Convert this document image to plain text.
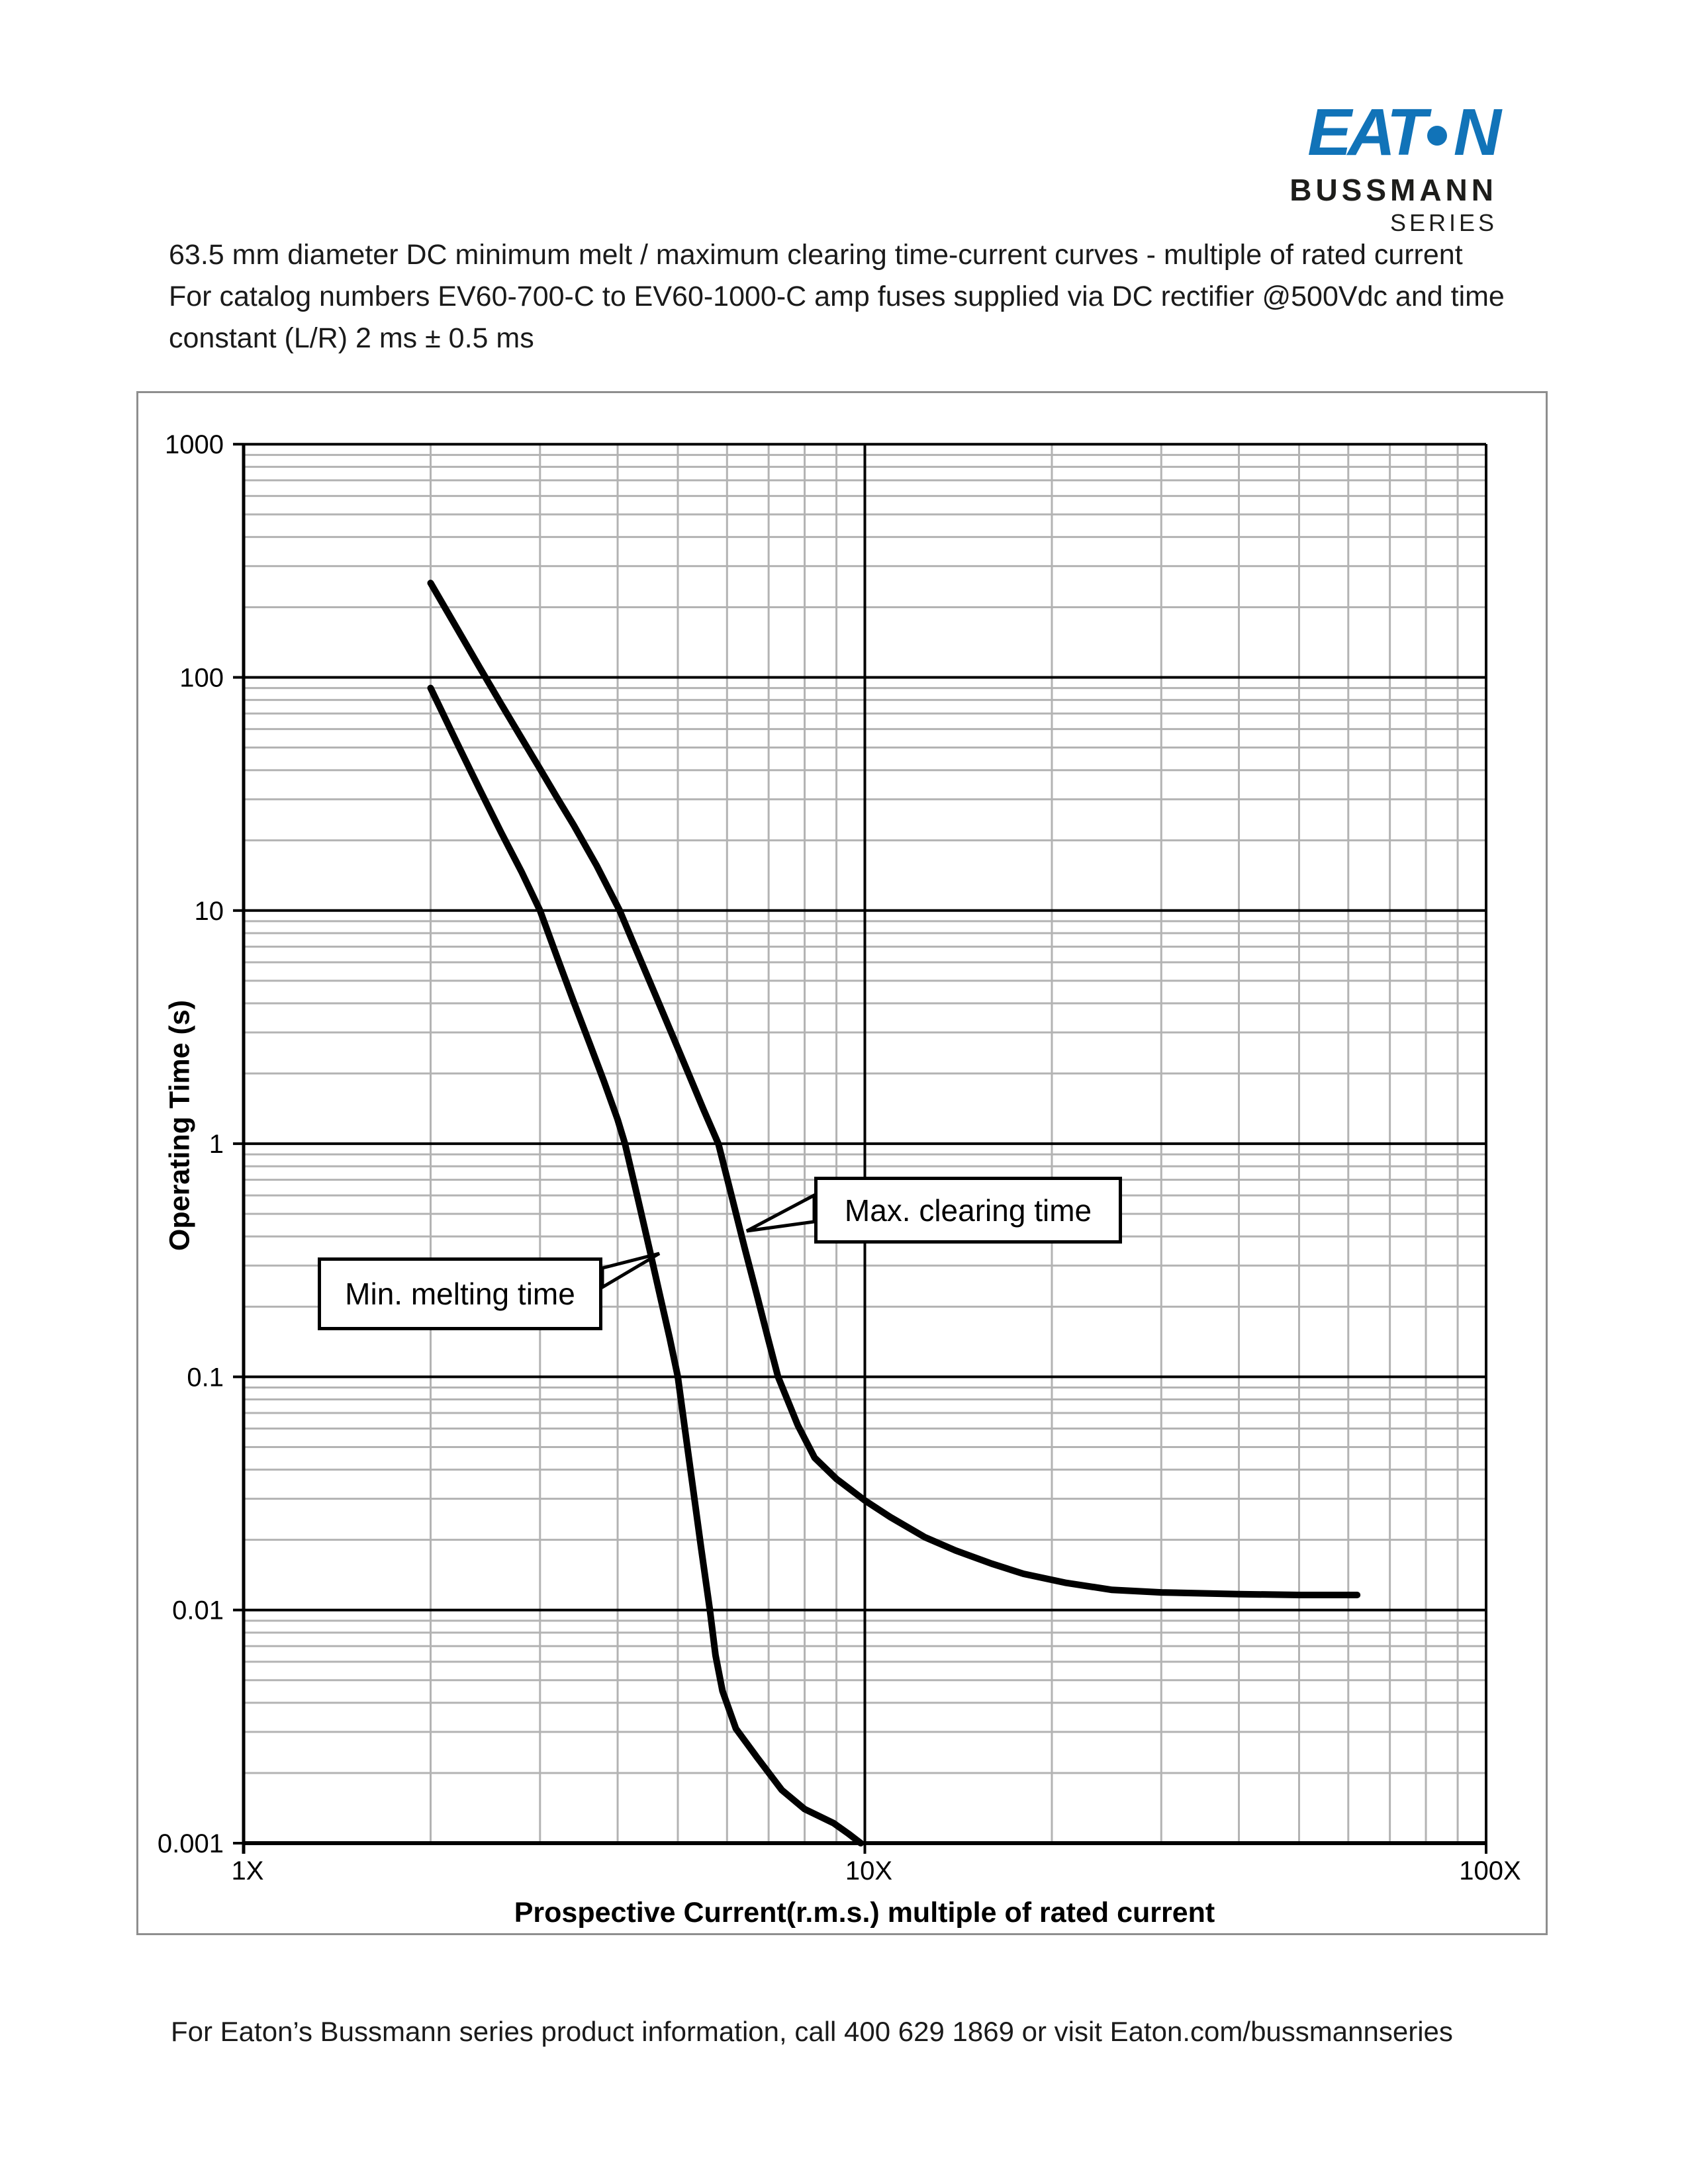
EAT N
BUSSMANN
SERIES
63.5 mm diameter DC minimum melt / maximum clearing time-current curves - multiple of rated current
For catalog numbers EV60-700-C to EV60-1000-C amp fuses supplied via DC rectifier @500Vdc and time
constant (L/R) 2 ms ± 0.5 ms
1000
100
10
1
0.1
0.01
0.001
1X	10X	100X
Operating Time (s)
Prospective Current(r.m.s.) multiple of rated current
Min. melting time
Max. clearing time
For Eaton’s Bussmann series product information, call 400 629 1869 or visit Eaton.com/bussmannseries
